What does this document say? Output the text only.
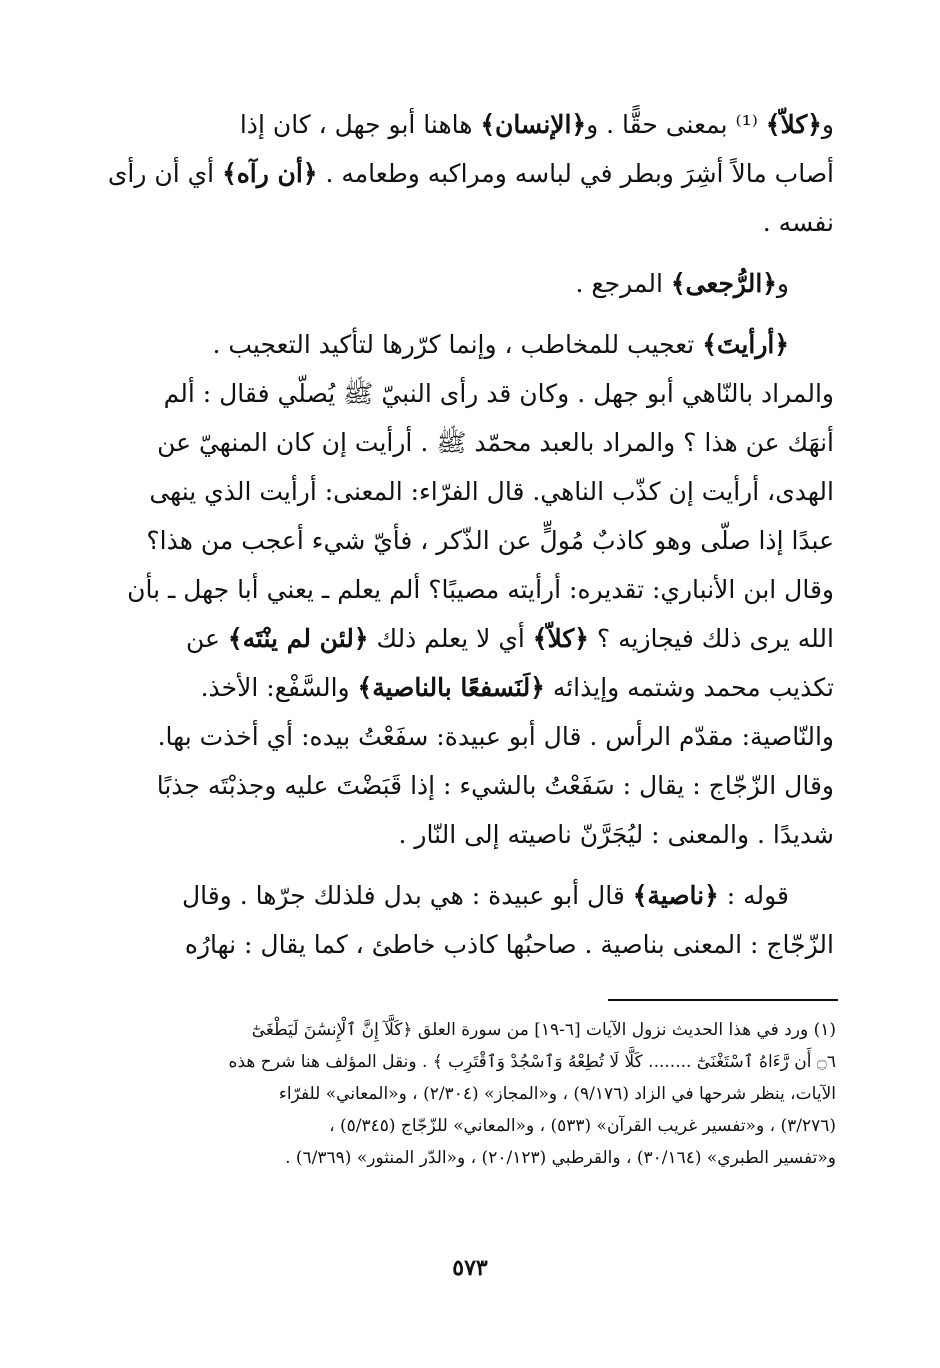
و﴿كلاّ﴾ ⁽¹⁾ بمعنى حقًّا . و﴿الإنسان﴾ هاهنا أبو جهل ، كان إذا
أصاب مالاً أشِرَ وبطر في لباسه ومراكبه وطعامه . ﴿أن رآه﴾ أي أن رأى
نفسه .
و﴿الرُّجعى﴾ المرجع .
﴿أرأيتَ﴾ تعجيب للمخاطب ، وإنما كرّرها لتأكيد التعجيب .
والمراد بالنّاهي أبو جهل . وكان قد رأى النبيّ ﷺ يُصلّي فقال : ألم
أنهَك عن هذا ؟ والمراد بالعبد محمّد ﷺ . أرأيت إن كان المنهيّ عن
الهدى، أرأيت إن كذّب الناهي. قال الفرّاء: المعنى: أرأيت الذي ينهى
عبدًا إذا صلّى وهو كاذبٌ مُولٍّ عن الذّكر ، فأيّ شيء أعجب من هذا؟
وقال ابن الأنباري: تقديره: أرأيته مصيبًا؟ ألم يعلم ـ يعني أبا جهل ـ بأن
الله يرى ذلك فيجازيه ؟ ﴿كلاّ﴾ أي لا يعلم ذلك ﴿لئن لم ينْتَه﴾ عن
تكذيب محمد وشتمه وإيذائه ﴿لَنَسفعًا بالناصية﴾ والسَّفْع: الأخذ.
والنّاصية: مقدّم الرأس . قال أبو عبيدة: سفَعْتُ بيده: أي أخذت بها.
وقال الزّجّاج : يقال : سَفَعْتُ بالشيء : إذا قَبَضْتَ عليه وجذبْتَه جذبًا
شديدًا . والمعنى : ليُجَرَّنّ ناصيته إلى النّار .
قوله : ﴿ناصية﴾ قال أبو عبيدة : هي بدل فلذلك جرّها . وقال
الزّجّاج : المعنى بناصية . صاحبُها كاذب خاطئ ، كما يقال : نهارُه
(١) ورد في هذا الحديث نزول الآيات [٦-١٩] من سورة العلق ﴿كَلَّآ إِنَّ ٱلْإِنسَٰنَ لَيَطْغَىٰٓ
۝٦ أَن رَّءَاهُ ٱسْتَغْنَىٰٓ ........ كَلَّا لَا تُطِعْهُ وَٱسْجُدْ وَٱقْتَرِب ﴾ . ونقل المؤلف هنا شرح هذه
الآيات، ينظر شرحها في الزاد (٩/١٧٦) ، و«المجاز» (٢/٣٠٤) ، و«المعاني» للفرّاء
(٣/٢٧٦) ، و«تفسير غريب القرآن» (٥٣٣) ، و«المعاني» للزّجّاج (٥/٣٤٥) ،
و«تفسير الطبري» (٣٠/١٦٤) ، والقرطبي (٢٠/١٢٣) ، و«الدّر المنثور» (٦/٣٦٩) .
٥٧٣
